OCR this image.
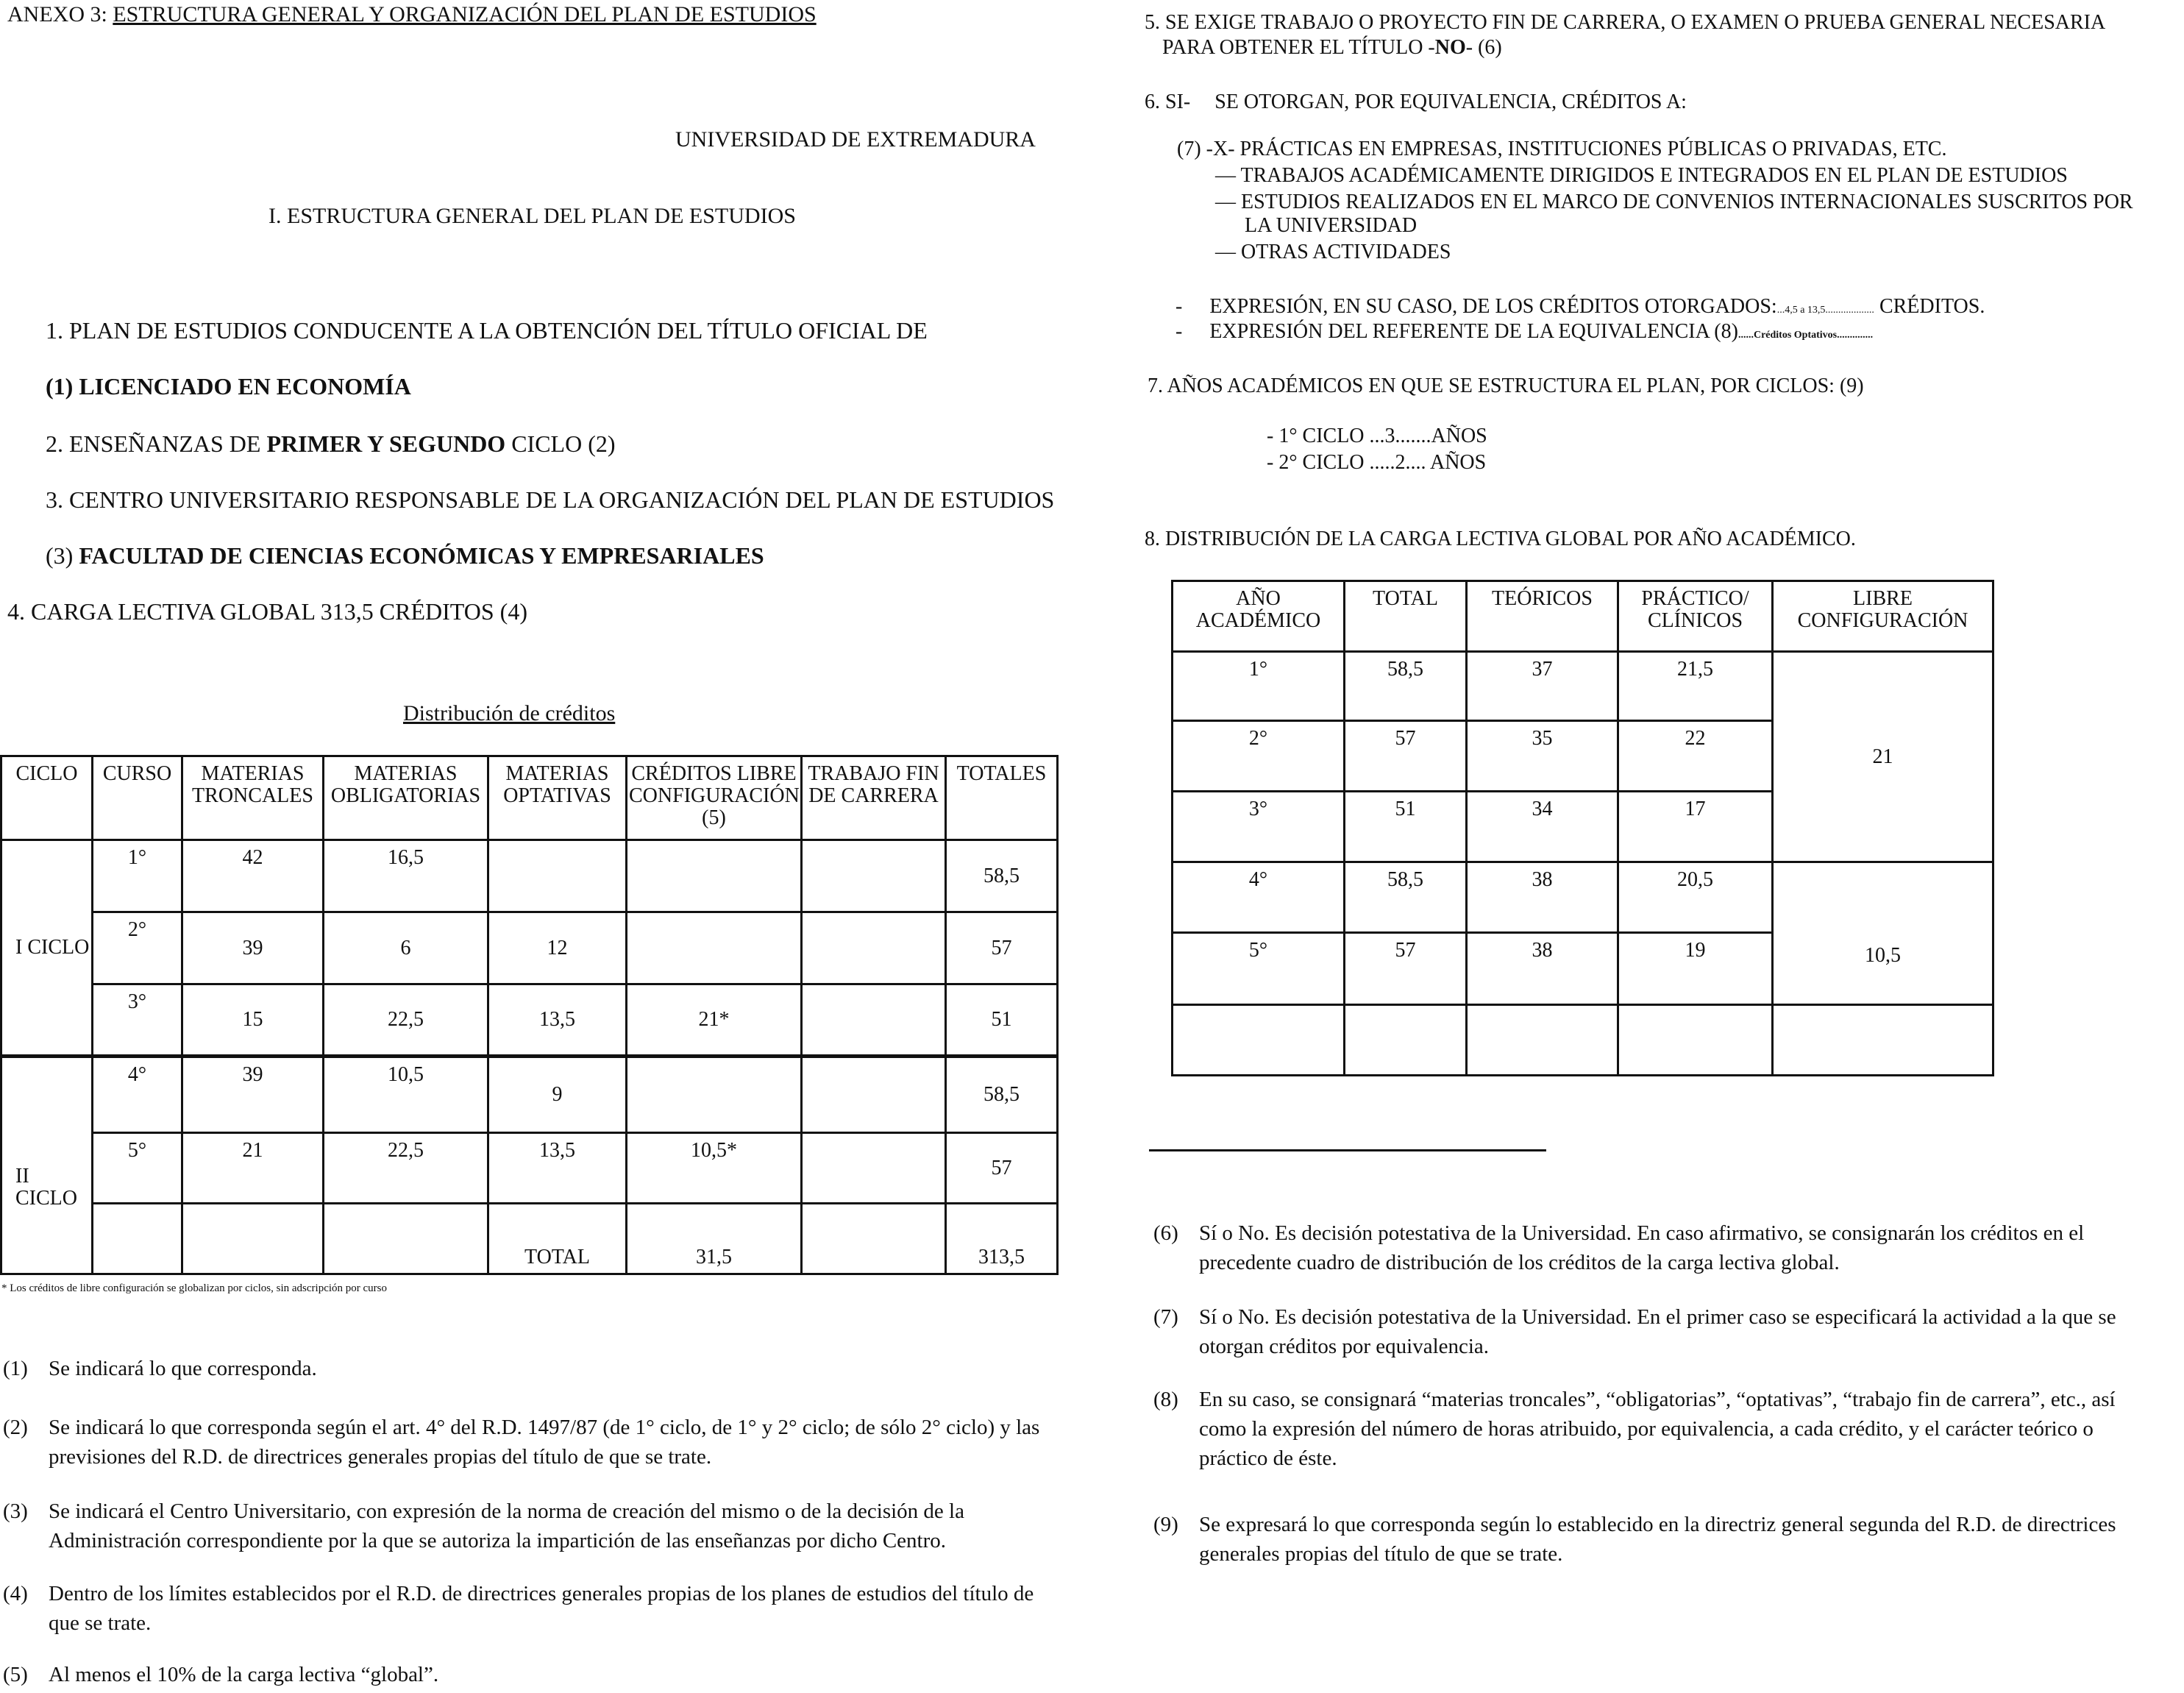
ANEXO 3: ESTRUCTURA GENERAL Y ORGANIZACIÓN DEL PLAN DE ESTUDIOS
UNIVERSIDAD DE EXTREMADURA
I. ESTRUCTURA GENERAL DEL PLAN DE ESTUDIOS
1. PLAN DE ESTUDIOS CONDUCENTE A LA OBTENCIÓN DEL TÍTULO OFICIAL DE
(1) LICENCIADO EN ECONOMÍA
2. ENSEÑANZAS DE PRIMER Y SEGUNDO CICLO (2)
3. CENTRO UNIVERSITARIO RESPONSABLE DE LA ORGANIZACIÓN DEL PLAN DE ESTUDIOS
(3) FACULTAD DE CIENCIAS ECONÓMICAS Y EMPRESARIALES
4. CARGA LECTIVA GLOBAL 313,5 CRÉDITOS (4)
Distribución de créditos
CICLO	CURSO	MATERIAS TRONCALES	MATERIAS OBLIGATORIAS	MATERIAS OPTATIVAS	CRÉDITOS LIBRE CONFIGURACIÓN (5)	TRABAJO FIN DE CARRERA	TOTALES
I CICLO	1°	42	16,5				58,5
	2°	39	6	12			57
	3°	15	22,5	13,5	21*		51
II CICLO	4°	39	10,5	9			58,5
	5°	21	22,5	13,5	10,5*		57
				TOTAL	31,5		313,5
* Los créditos de libre configuración se globalizan por ciclos, sin adscripción por curso
(1) Se indicará lo que corresponda.
(2) Se indicará lo que corresponda según el art. 4° del R.D. 1497/87 (de 1° ciclo, de 1° y 2° ciclo; de sólo 2° ciclo) y las previsiones del R.D. de directrices generales propias del título de que se trate.
(3) Se indicará el Centro Universitario, con expresión de la norma de creación del mismo o de la decisión de la Administración correspondiente por la que se autoriza la impartición de las enseñanzas por dicho Centro.
(4) Dentro de los límites establecidos por el R.D. de directrices generales propias de los planes de estudios del título de que se trate.
(5) Al menos el 10% de la carga lectiva “global”.
5. SE EXIGE TRABAJO O PROYECTO FIN DE CARRERA, O EXAMEN O PRUEBA GENERAL NECESARIA
PARA OBTENER EL TÍTULO -NO- (6)
6. SI- SE OTORGAN, POR EQUIVALENCIA, CRÉDITOS A:
(7) -X- PRÁCTICAS EN EMPRESAS, INSTITUCIONES PÚBLICAS O PRIVADAS, ETC.
— TRABAJOS ACADÉMICAMENTE DIRIGIDOS E INTEGRADOS EN EL PLAN DE ESTUDIOS
— ESTUDIOS REALIZADOS EN EL MARCO DE CONVENIOS INTERNACIONALES SUSCRITOS POR
LA UNIVERSIDAD
— OTRAS ACTIVIDADES
- EXPRESIÓN, EN SU CASO, DE LOS CRÉDITOS OTORGADOS:...4,5 a 13,5................... CRÉDITOS.
- EXPRESIÓN DEL REFERENTE DE LA EQUIVALENCIA (8)......Créditos Optativos..............
7. AÑOS ACADÉMICOS EN QUE SE ESTRUCTURA EL PLAN, POR CICLOS: (9)
- 1° CICLO ...3.......AÑOS
- 2° CICLO .....2.... AÑOS
8. DISTRIBUCIÓN DE LA CARGA LECTIVA GLOBAL POR AÑO ACADÉMICO.
AÑO ACADÉMICO	TOTAL	TEÓRICOS	PRÁCTICO/ CLÍNICOS	LIBRE CONFIGURACIÓN
1°	58,5	37	21,5	21
2°	57	35	22	
3°	51	34	17	
4°	58,5	38	20,5	10,5
5°	57	38	19	

(6) Sí o No. Es decisión potestativa de la Universidad. En caso afirmativo, se consignarán los créditos en el precedente cuadro de distribución de los créditos de la carga lectiva global.
(7) Sí o No. Es decisión potestativa de la Universidad. En el primer caso se especificará la actividad a la que se otorgan créditos por equivalencia.
(8) En su caso, se consignará “materias troncales”, “obligatorias”, “optativas”, “trabajo fin de carrera”, etc., así como la expresión del número de horas atribuido, por equivalencia, a cada crédito, y el carácter teórico o práctico de éste.
(9) Se expresará lo que corresponda según lo establecido en la directriz general segunda del R.D. de directrices generales propias del título de que se trate.
